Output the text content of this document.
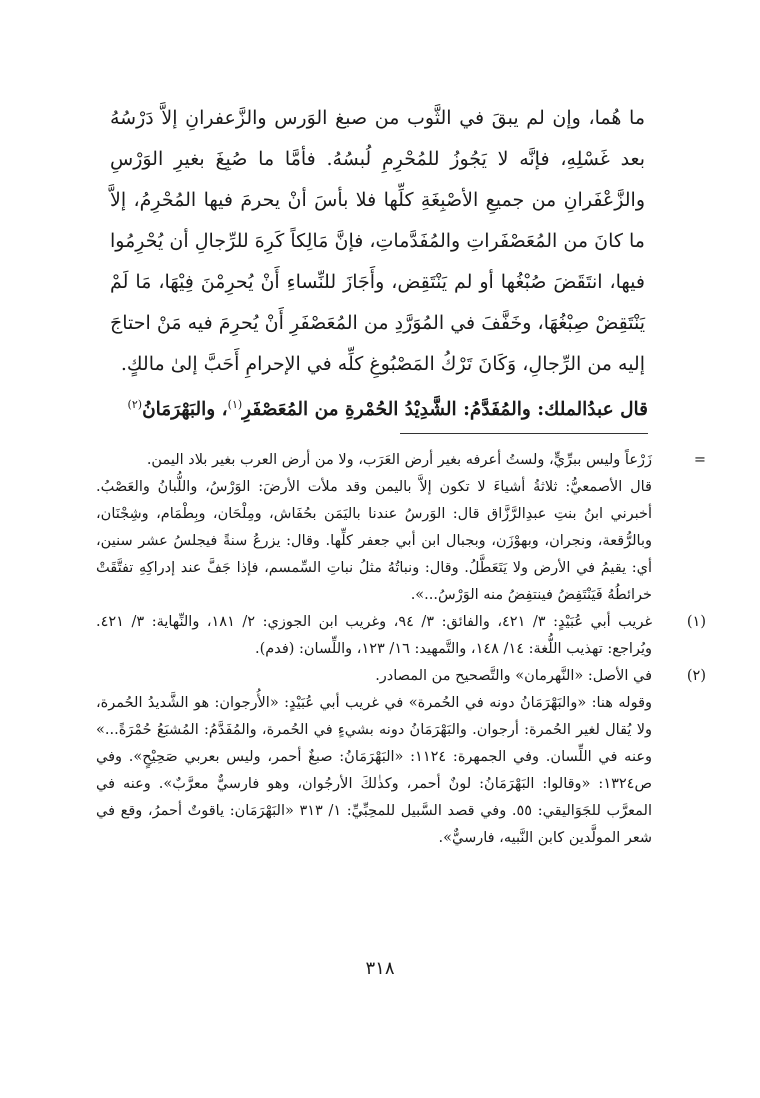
ما هُما، وإن لم يبقَ في الثَّوب من صبغ الوَرس والزَّعفرانِ إلاَّ دَرْسُهُ بعد غَسْلِهِ، فإنَّه لا يَجُوزُ للمُحْرِمِ لُبسُهُ. فأمَّا ما صُبِغَ بغيرِ الوَرْسِ والزَّعْفَرانِ من جميعِ الأصْبِغَةِ كلِّها فلا بأسَ أنْ يحرمَ فيها المُحْرِمُ، إلاَّ ما كانَ من المُعَصْفَراتِ والمُفَدَّماتِ، فإنَّ مَالِكاً كَرِهَ للرِّجالِ أن يُحْرِمُوا فيها، انتَقَضَ صُبْغُها أو لم يَنْتَقِض، وأَجَازَ للنِّساءِ أَنْ يُحرِمْنَ فِيْهَا، مَا لَمْ يَنْتَقِضْ صِبْغُهَا، وخَفَّفَ في المُوَرَّدِ من المُعَصْفَرِ أَنْ يُحرِمَ فيه مَنْ احتاجَ إليه من الرِّجالِ، وَكَانَ تَرْكُ المَصْبُوغِ كلِّه في الإحرامِ أَحَبَّ إلىٰ مالكٍ.

قال عبدُالملك: والمُفَدَّمُ: الشَّدِيْدُ الحُمْرةِ من المُعَصْفَرِ$^{(١)}$، والبَهْرَمَانُ$^{(٢)}$

=

زَرْعاً وليس ببرِّيٍّ، ولستُ أعرفه بغير أرض العَرَب، ولا من أرض العرب بغير بلاد اليمن.

قال الأصمعيُّ: ثلاثةُ أشياءَ لا تكون إلاَّ باليمن وقد ملأت الأرضَ: الوَرْسُ، واللُّبانُ والعَصْبُ. أخبرني ابنُ بنتِ عبدِالرَّزَّاق قال: الوَرسُ عندنا باليَمَن بحُفَاش، ومِلْحَان، وبِطْمَام، وشِجْنَان، وبالرُّقعة، ونجران، وبهوْزَن، وبجبال ابن أبي جعفر كلِّها. وقال: يزرعُ سنةً فيجلسُ عشر سنين، أي: يقيمُ في الأرض ولا يَتَعَطَّلُ. وقال: ونباتُهُ مثلُ نباتِ السِّمسم، فإذا جَفَّ عند إدراكِهِ تفتَّقَتْ خرائطُهُ فَيَنْتَفِضُ فينتفِضُ منه الوَرْسُ...».

(١)

غريب أبي عُبَيْدٍ: ٣/ ٤٢١، والفائق: ٣/ ٩٤، وغريب ابن الجوزي: ٢/ ١٨١، والنِّهاية: ٣/ ٤٢١. ويُراجع: تهذيب اللُّغة: ١٤/ ١٤٨، والتَّمهيد: ١٦/ ١٢٣، واللِّسان: (فدم).

(٢)

في الأصل: «النَّهرمان» والتَّصحيح من المصادر.

وقوله هنا: «والبَهْرَمَانُ دونه في الحُمرة» في غريب أبي عُبَيْدٍ: «الأُرجوان: هو الشَّديدُ الحُمرة، ولا يُقال لغير الحُمرة: أرجوان. والبَهْرَمَانُ دونه بشيءٍ في الحُمرة، والمُفَدَّمُ: المُشبَعُ حُمْرَةً...» وعنه في اللِّسان. وفي الجمهرة: ١١٢٤: «البَهْرَمَانُ: صبغٌ أحمر، وليس بعربي صَحِيْحٍ». وفي ص١٣٢٤: «وقالوا: البَهْرَمَانُ: لونٌ أحمر، وكذٰلكَ الأرجُوان، وهو فارسيٌّ معرَّبٌ». وعنه في المعرَّب للجَوَاليقي: ٥٥. وفي قصد السَّبيل للمحِبِّيِّ: ١/ ٣١٣ «البَهْرَمَان: ياقوتٌ أحمرُ، وقع في شعر المولَّدين كابن النَّبيه، فارسيٌّ».

٣١٨
